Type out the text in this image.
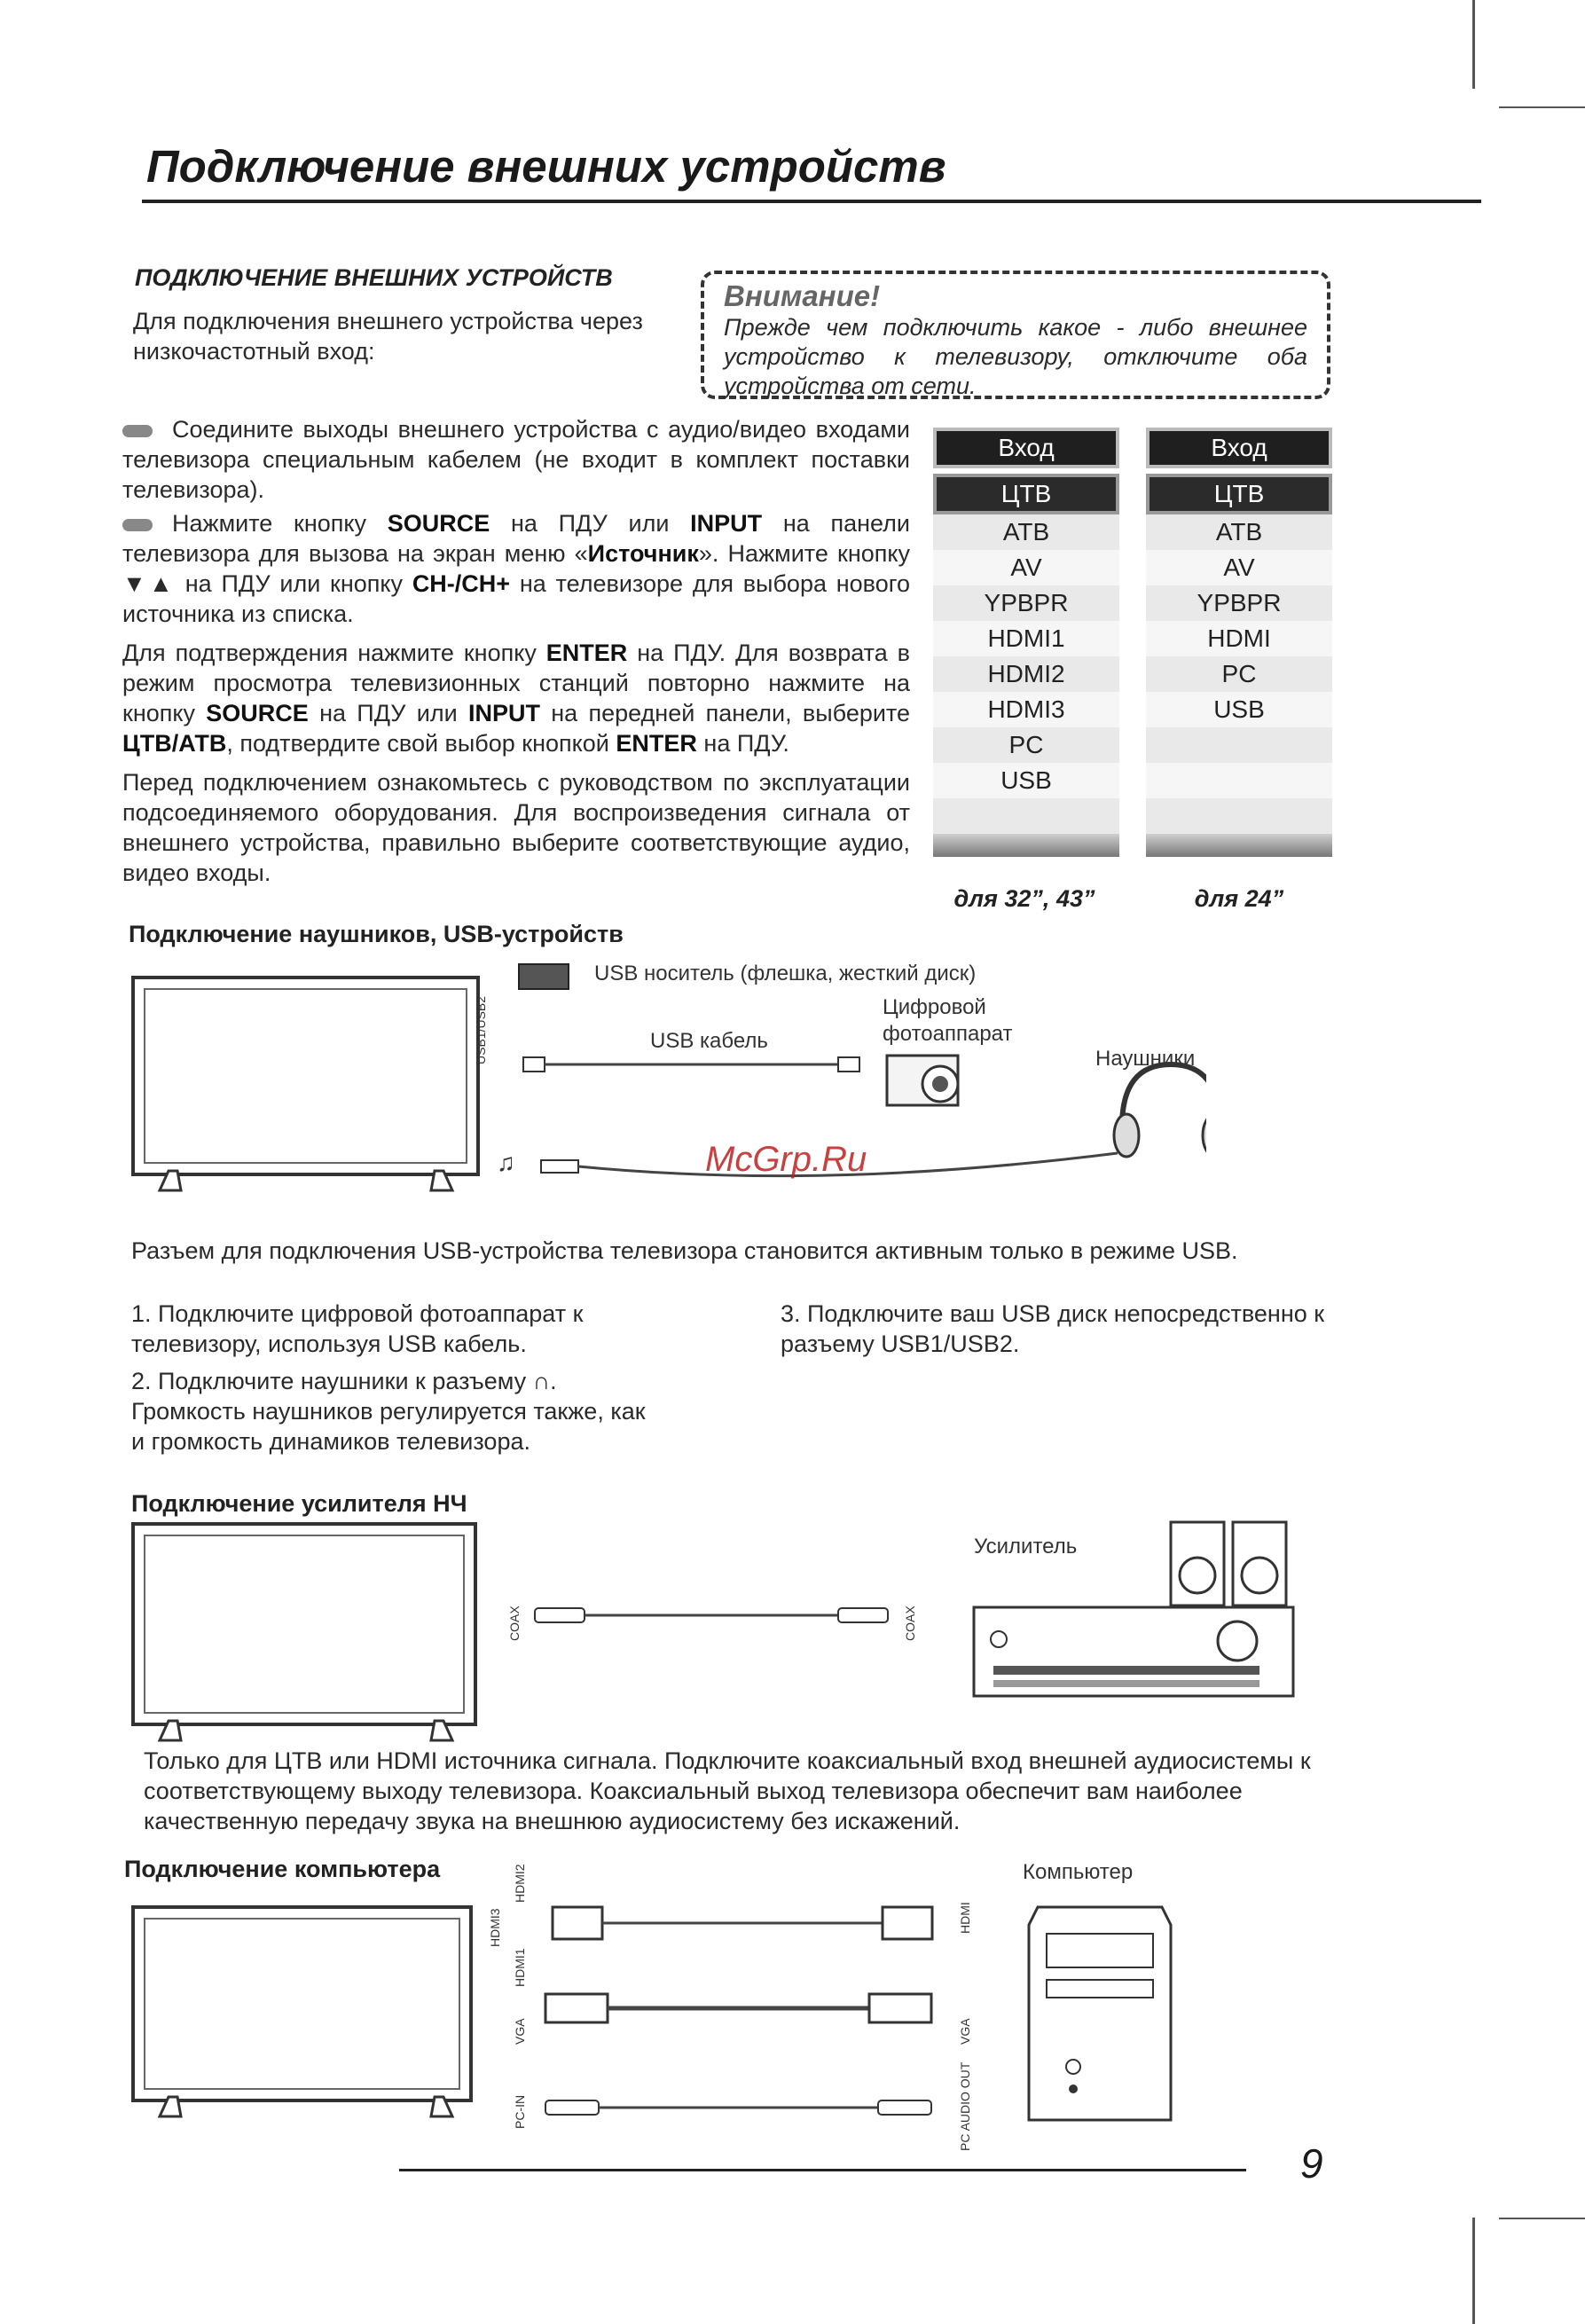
Подключение внешних устройств
ПОДКЛЮЧЕНИЕ ВНЕШНИХ УСТРОЙСТВ
Для подключения внешнего устройства через низкочастотный вход:
Внимание!
Прежде чем подключить какое - либо внешнее устройство к телевизору, отключите оба устройства от сети.
Соедините выходы внешнего устройства с аудио/видео входами телевизора специальным кабелем (не входит в комплект поставки телевизора).
Нажмите кнопку SOURCE на ПДУ или INPUT на панели телевизора для вызова на экран меню «Источник». Нажмите кнопку ▼▲ на ПДУ или кнопку CH-/CH+ на телевизоре для выбора нового источника из списка.
Для подтверждения нажмите кнопку ENTER на ПДУ. Для возврата в режим просмотра телевизионных станций повторно нажмите на кнопку SOURCE на ПДУ или INPUT на передней панели, выберите ЦТВ/АТВ, подтвердите свой выбор кнопкой ENTER на ПДУ.
Перед подключением ознакомьтесь с руководством по эксплуатации подсоединяемого оборудования. Для воспроизведения сигнала от внешнего устройства, правильно выберите соответствующие аудио, видео входы.
Вход
ЦТВ
АТВ
AV
YPBPR
HDMI1
HDMI2
HDMI3
PC
USB
для 32”, 43”
Вход
ЦТВ
АТВ
AV
YPBPR
HDMI
PC
USB
для 24”
Подключение наушников, USB-устройств
USB1/USB2
USB носитель (флешка, жесткий диск)
USB кабель
Цифровой
фотоаппарат
Наушники
♫	McGrp.Ru
Разъем для подключения USB-устройства телевизора становится активным только в режиме USB.
1. Подключите цифровой фотоаппарат к телевизору, используя USB кабель.
2. Подключите наушники к разъему ∩. Громкость наушников регулируется также, как и громкость динамиков телевизора.
3. Подключите ваш USB диск непосредственно к разъему USB1/USB2.
Подключение усилителя НЧ
COAX	COAX
Усилитель
Только для ЦТВ или HDMI источника сигнала. Подключите коаксиальный вход внешней аудиосистемы к соответствующему выходу телевизора. Коаксиальный выход телевизора обеспечит вам наиболее качественную передачу звука на внешнюю аудиосистему без искажений.
Подключение компьютера	Компьютер
HDMI2
HDMI3
HDMI1
VGA
PC-IN
HDMI
VGA
PC AUDIO OUT
9
